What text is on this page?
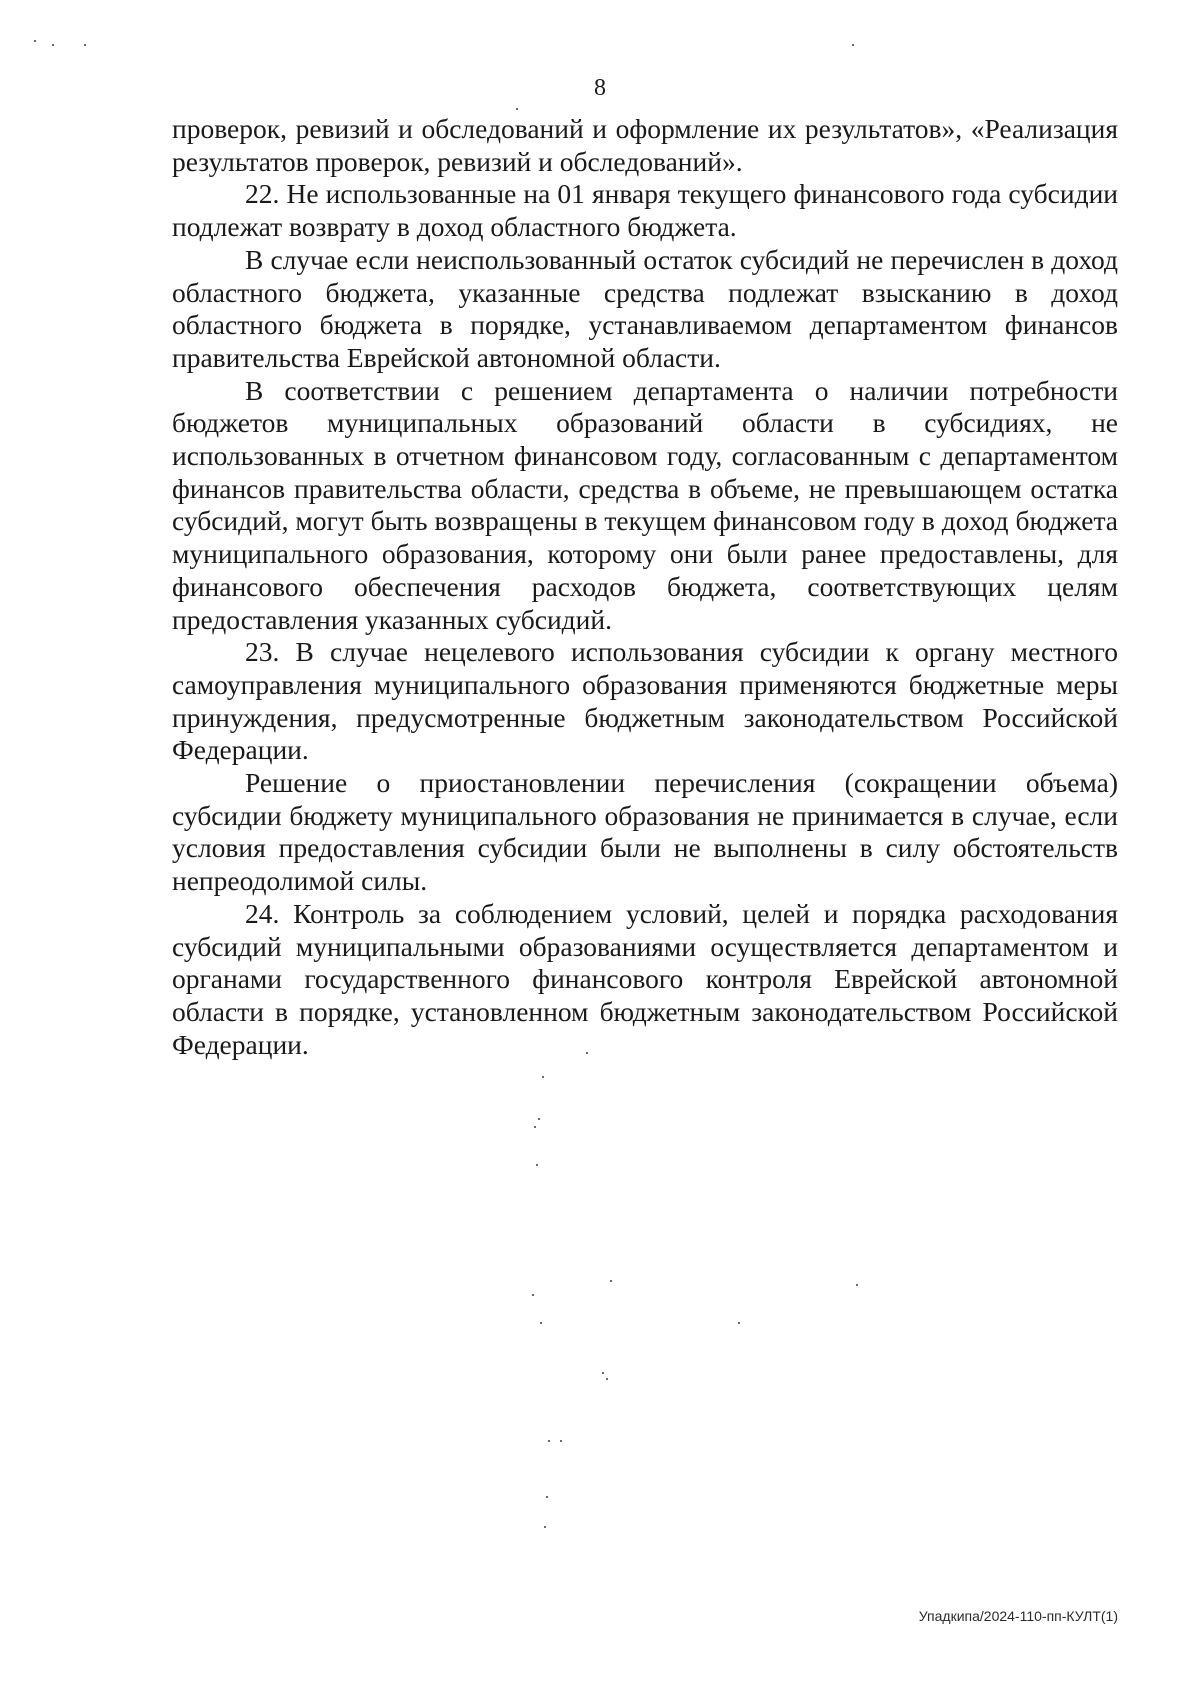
8

проверок, ревизий и обследований и оформление их результатов», «Реализация результатов проверок, ревизий и обследований».

22. Не использованные на 01 января текущего финансового года субсидии подлежат возврату в доход областного бюджета.

В случае если неиспользованный остаток субсидий не перечислен в доход областного бюджета, указанные средства подлежат взысканию в доход областного бюджета в порядке, устанавливаемом департаментом финансов правительства Еврейской автономной области.

В соответствии с решением департамента о наличии потребности бюджетов муниципальных образований области в субсидиях, не использованных в отчетном финансовом году, согласованным с департаментом финансов правительства области, средства в объеме, не превышающем остатка субсидий, могут быть возвращены в текущем финансовом году в доход бюджета муниципального образования, которому они были ранее предоставлены, для финансового обеспечения расходов бюджета, соответствующих целям предоставления указанных субсидий.

23. В случае нецелевого использования субсидии к органу местного самоуправления муниципального образования применяются бюджетные меры принуждения, предусмотренные бюджетным законодательством Российской Федерации.

Решение о приостановлении перечисления (сокращении объема) субсидии бюджету муниципального образования не принимается в случае, если условия предоставления субсидии были не выполнены в силу обстоятельств непреодолимой силы.

24. Контроль за соблюдением условий, целей и порядка расходования субсидий муниципальными образованиями осуществляется департаментом и органами государственного финансового контроля Еврейской автономной области в порядке, установленном бюджетным законодательством Российской Федерации.

Упадкипа/2024-110-пп-КУЛТ(1)
